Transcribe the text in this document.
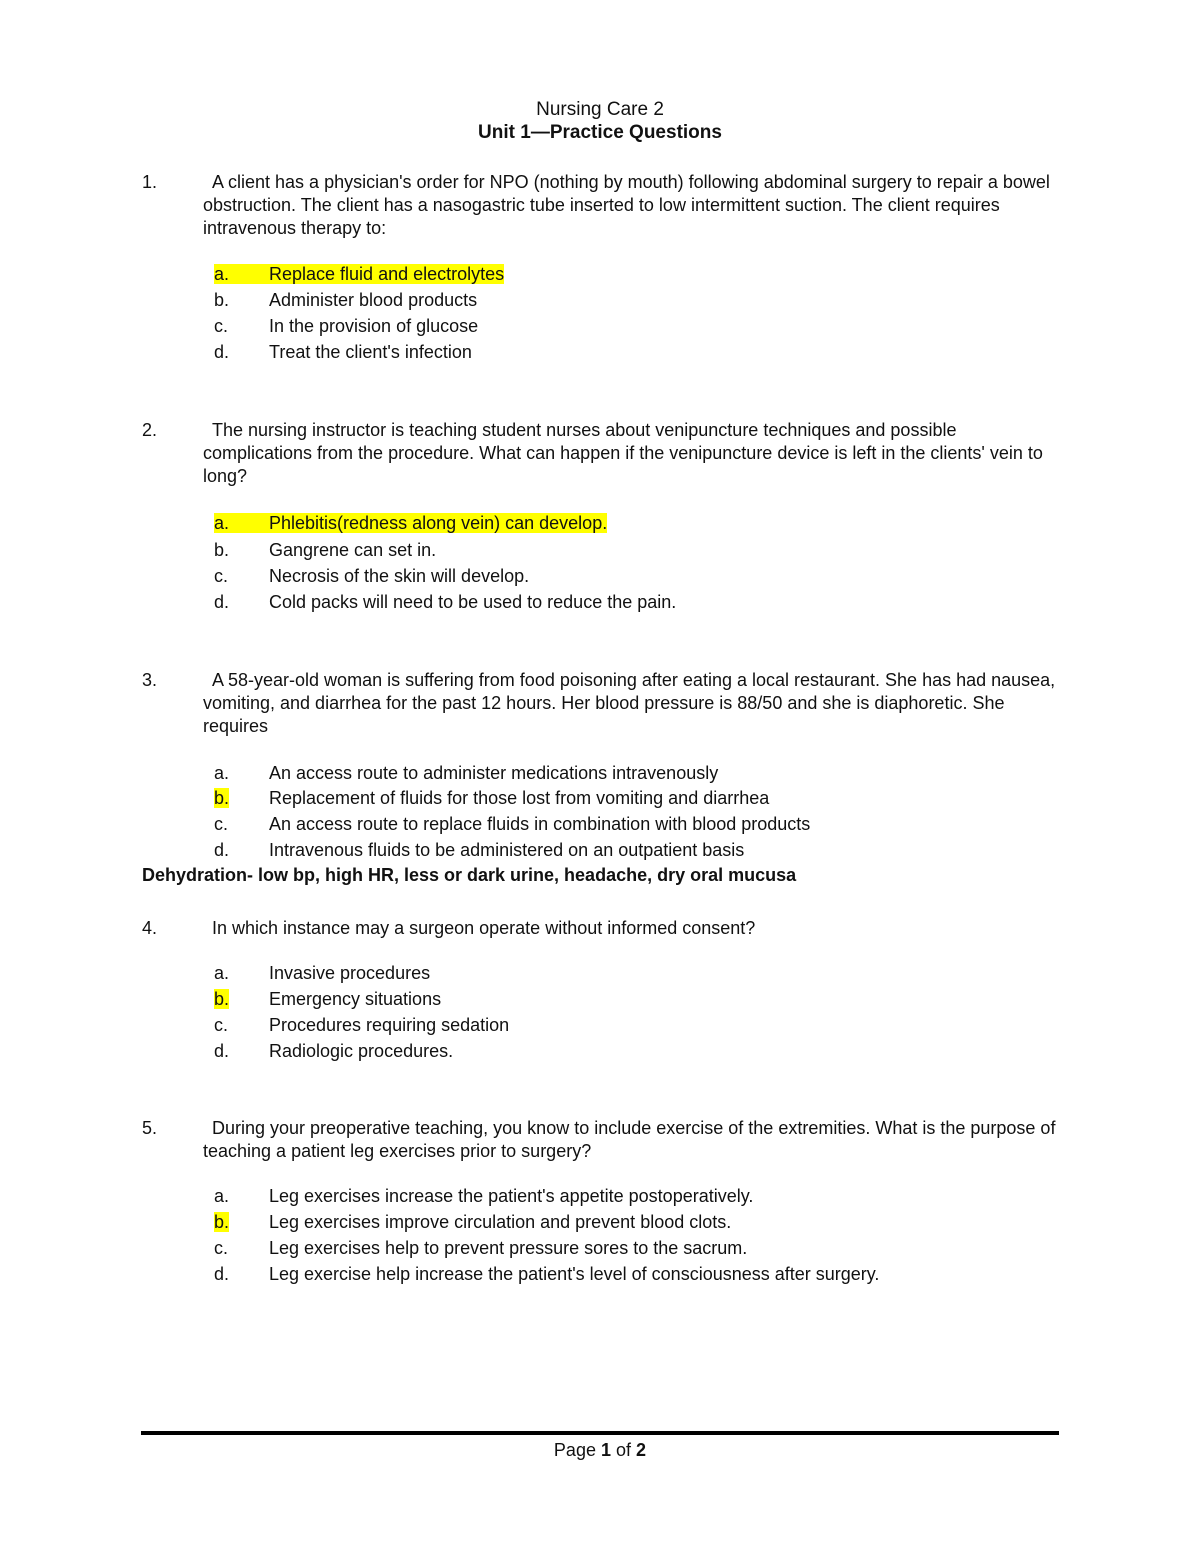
Nursing Care 2
Unit 1—Practice Questions
1.	A client has a physician's order for NPO (nothing by mouth) following abdominal surgery to repair a bowel obstruction. The client has a nasogastric tube inserted to low intermittent suction. The client requires intravenous therapy to:
a. Replace fluid and electrolytes
b. Administer blood products
c. In the provision of glucose
d. Treat the client's infection
2.	The nursing instructor is teaching student nurses about venipuncture techniques and possible complications from the procedure. What can happen if the venipuncture device is left in the clients' vein to long?
a. Phlebitis(redness along vein) can develop.
b. Gangrene can set in.
c. Necrosis of the skin will develop.
d. Cold packs will need to be used to reduce the pain.
3.	A 58-year-old woman is suffering from food poisoning after eating a local restaurant. She has had nausea, vomiting, and diarrhea for the past 12 hours. Her blood pressure is 88/50 and she is diaphoretic. She requires
a. An access route to administer medications intravenously
b. Replacement of fluids for those lost from vomiting and diarrhea
c. An access route to replace fluids in combination with blood products
d. Intravenous fluids to be administered on an outpatient basis
Dehydration- low bp, high HR, less or dark urine, headache, dry oral mucusa
4.	In which instance may a surgeon operate without informed consent?
a. Invasive procedures
b. Emergency situations
c. Procedures requiring sedation
d. Radiologic procedures.
5.	During your preoperative teaching, you know to include exercise of the extremities. What is the purpose of teaching a patient leg exercises prior to surgery?
a. Leg exercises increase the patient's appetite postoperatively.
b. Leg exercises improve circulation and prevent blood clots.
c. Leg exercises help to prevent pressure sores to the sacrum.
d. Leg exercise help increase the patient's level of consciousness after surgery.
Page 1 of 2
